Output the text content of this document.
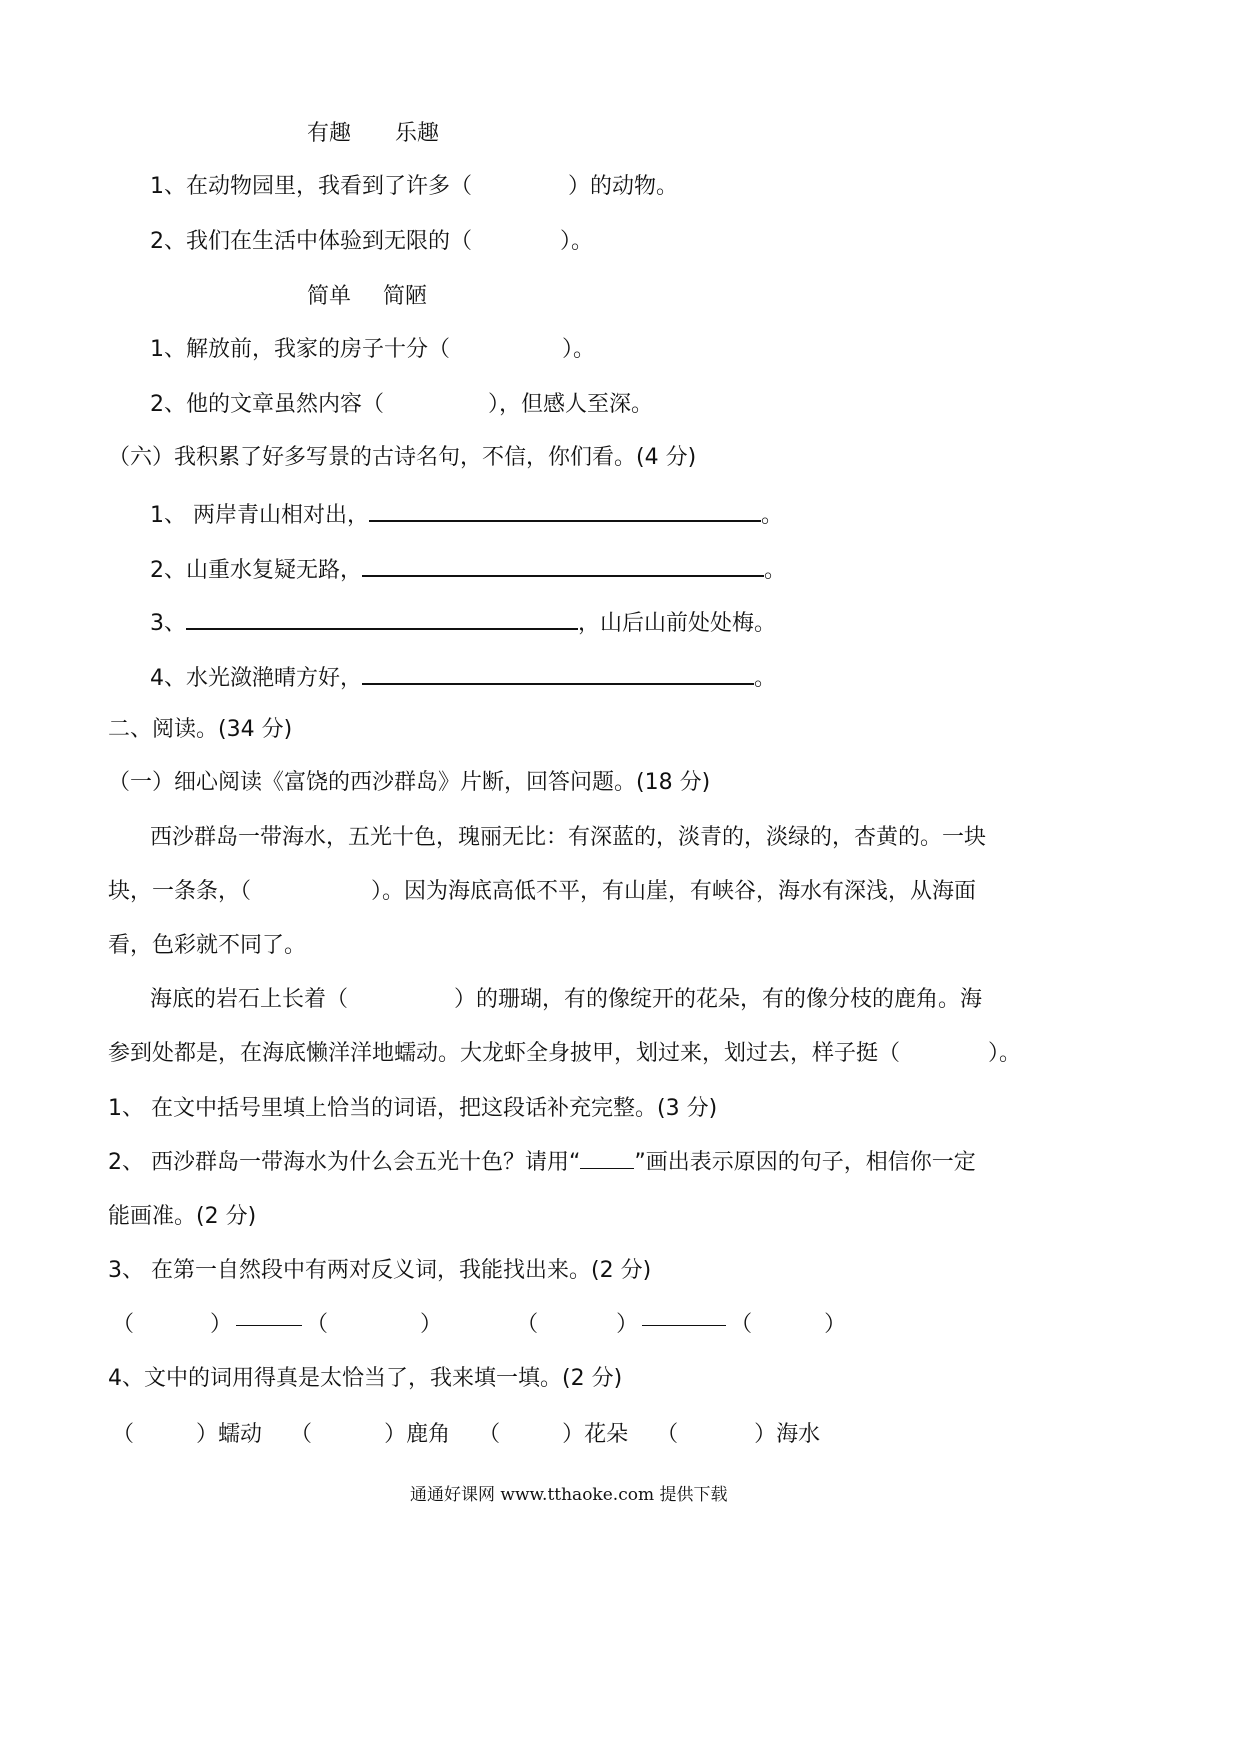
有趣 乐趣
1、在动物园里，我看到了许多（	）的动物。
2、我们在生活中体验到无限的（	）。
简单 简陋
1、解放前，我家的房子十分（	）。
2、他的文章虽然内容（	），但感人至深。
（六）我积累了好多写景的古诗名句，不信，你们看。(4 分)
1、 两岸青山相对出，	。
2、山重水复疑无路，	。
3、	，山后山前处处梅。
4、水光潋滟晴方好，	。
二、阅读。(34 分)
（一）细心阅读《富饶的西沙群岛》片断，回答问题。(18 分)
西沙群岛一带海水，五光十色，瑰丽无比：有深蓝的，淡青的，淡绿的，杏黄的。一块
块，一条条，（	）。因为海底高低不平，有山崖，有峡谷，海水有深浅，从海面
看，色彩就不同了。
海底的岩石上长着（	）的珊瑚，有的像绽开的花朵，有的像分枝的鹿角。海
参到处都是，在海底懒洋洋地蠕动。大龙虾全身披甲，划过来，划过去，样子挺（	）。
1、 在文中括号里填上恰当的词语，把这段话补充完整。(3 分)
2、 西沙群岛一带海水为什么会五光十色？请用“ ”画出表示原因的句子，相信你一定
能画准。(2 分)
3、 在第一自然段中有两对反义词，我能找出来。(2 分)
（	）	（	）	（	）	（	）
4、文中的词用得真是太恰当了，我来填一填。(2 分)
（	）蠕动 （	）鹿角 （	）花朵 （	）海水
通通好课网 www.tthaoke.com 提供下载
